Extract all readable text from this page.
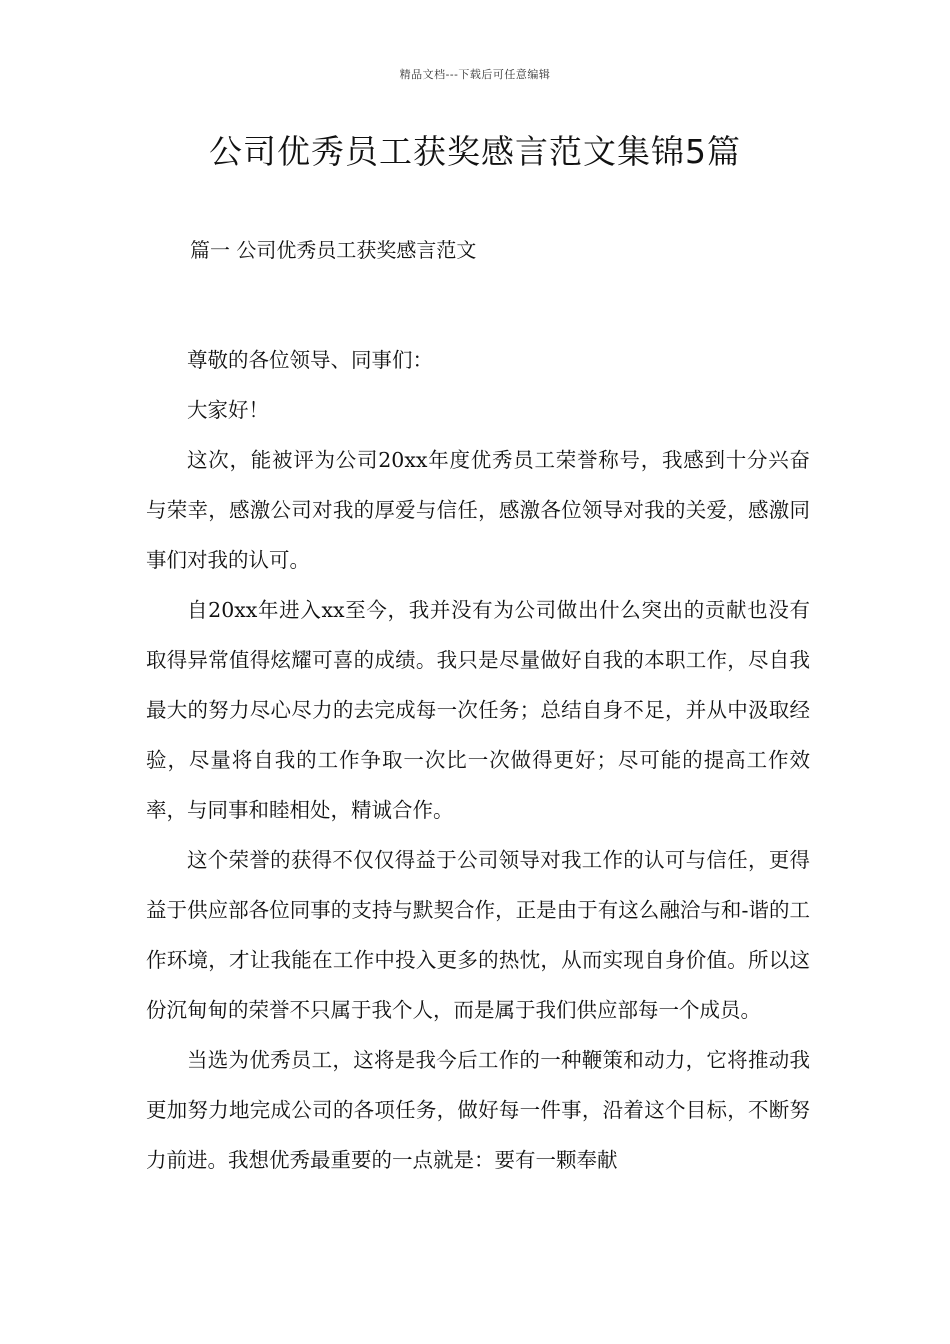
精品文档---下载后可任意编辑
公司优秀员工获奖感言范文集锦5篇
篇一 公司优秀员工获奖感言范文

尊敬的各位领导、同事们：

大家好！

这次，能被评为公司20xx年度优秀员工荣誉称号，我感到十分兴奋与荣幸，感激公司对我的厚爱与信任，感激各位领导对我的关爱，感激同事们对我的认可。

自20xx年进入xx至今，我并没有为公司做出什么突出的贡献也没有取得异常值得炫耀可喜的成绩。我只是尽量做好自我的本职工作，尽自我最大的努力尽心尽力的去完成每一次任务；总结自身不足，并从中汲取经验，尽量将自我的工作争取一次比一次做得更好；尽可能的提高工作效率，与同事和睦相处，精诚合作。

这个荣誉的获得不仅仅得益于公司领导对我工作的认可与信任，更得益于供应部各位同事的支持与默契合作，正是由于有这么融洽与和-谐的工作环境，才让我能在工作中投入更多的热忱，从而实现自身价值。所以这份沉甸甸的荣誉不只属于我个人，而是属于我们供应部每一个成员。

当选为优秀员工，这将是我今后工作的一种鞭策和动力，它将推动我更加努力地完成公司的各项任务，做好每一件事，沿着这个目标，不断努力前进。我想优秀最重要的一点就是：要有一颗奉献
